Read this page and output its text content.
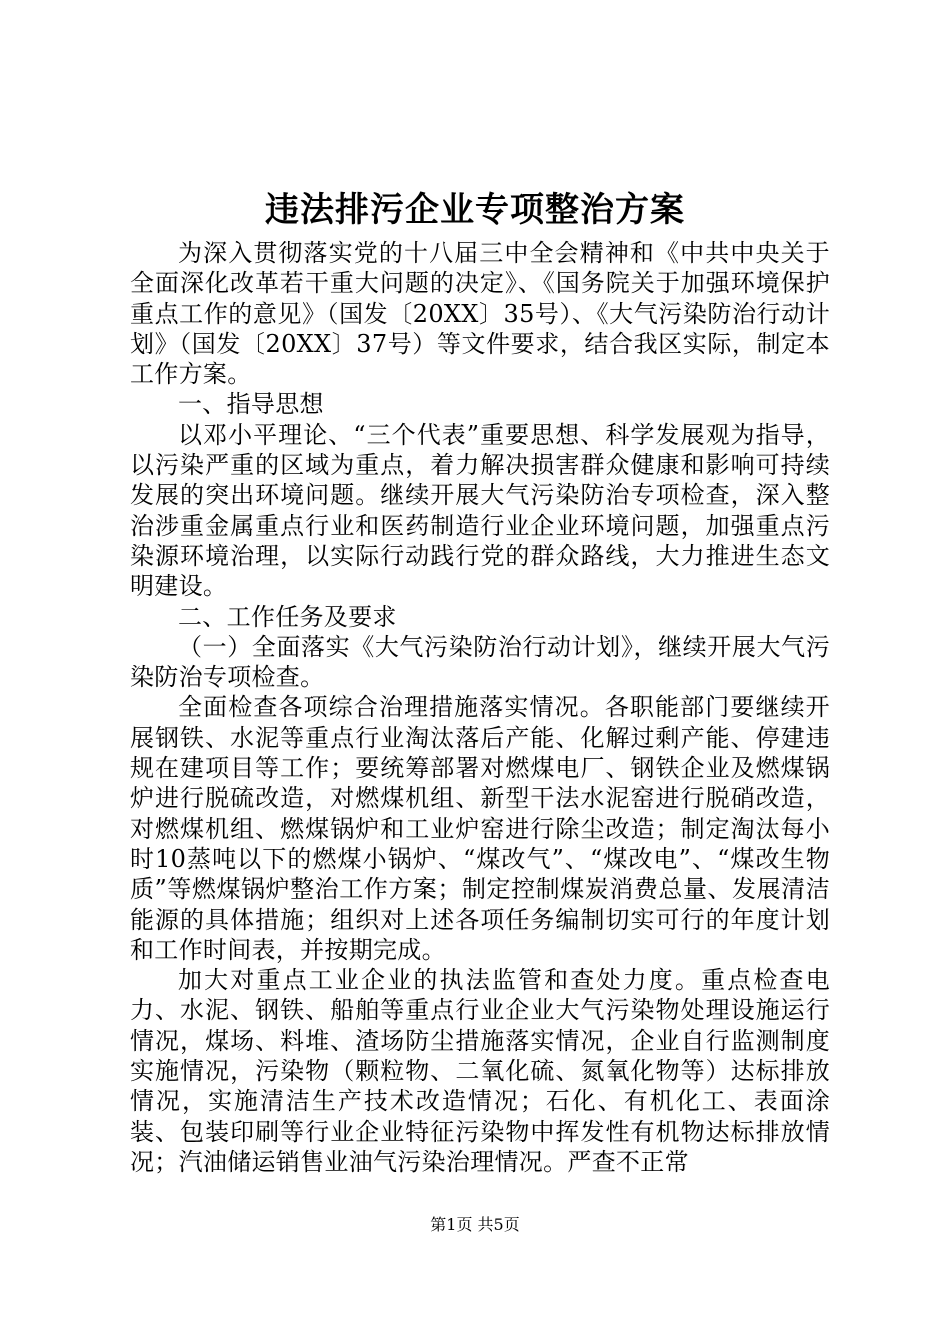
违法排污企业专项整治方案

为深入贯彻落实党的十八届三中全会精神和《中共中央关于全面深化改革若干重大问题的决定》、《国务院关于加强环境保护重点工作的意见》（国发〔20XX〕35号）、《大气污染防治行动计划》（国发〔20XX〕37号）等文件要求，结合我区实际，制定本工作方案。

一、指导思想

以邓小平理论、“三个代表”重要思想、科学发展观为指导，以污染严重的区域为重点，着力解决损害群众健康和影响可持续发展的突出环境问题。继续开展大气污染防治专项检查，深入整治涉重金属重点行业和医药制造行业企业环境问题，加强重点污染源环境治理，以实际行动践行党的群众路线，大力推进生态文明建设。

二、工作任务及要求

（一）全面落实《大气污染防治行动计划》，继续开展大气污染防治专项检查。

全面检查各项综合治理措施落实情况。各职能部门要继续开展钢铁、水泥等重点行业淘汰落后产能、化解过剩产能、停建违规在建项目等工作；要统筹部署对燃煤电厂、钢铁企业及燃煤锅炉进行脱硫改造，对燃煤机组、新型干法水泥窑进行脱硝改造，对燃煤机组、燃煤锅炉和工业炉窑进行除尘改造；制定淘汰每小时10蒸吨以下的燃煤小锅炉、“煤改气”、“煤改电”、“煤改生物质”等燃煤锅炉整治工作方案；制定控制煤炭消费总量、发展清洁能源的具体措施；组织对上述各项任务编制切实可行的年度计划和工作时间表，并按期完成。

加大对重点工业企业的执法监管和查处力度。重点检查电力、水泥、钢铁、船舶等重点行业企业大气污染物处理设施运行情况，煤场、料堆、渣场防尘措施落实情况，企业自行监测制度实施情况，污染物（颗粒物、二氧化硫、氮氧化物等）达标排放情况，实施清洁生产技术改造情况；石化、有机化工、表面涂装、包装印刷等行业企业特征污染物中挥发性有机物达标排放情况；汽油储运销售业油气污染治理情况。严查不正常

第1页 共5页
